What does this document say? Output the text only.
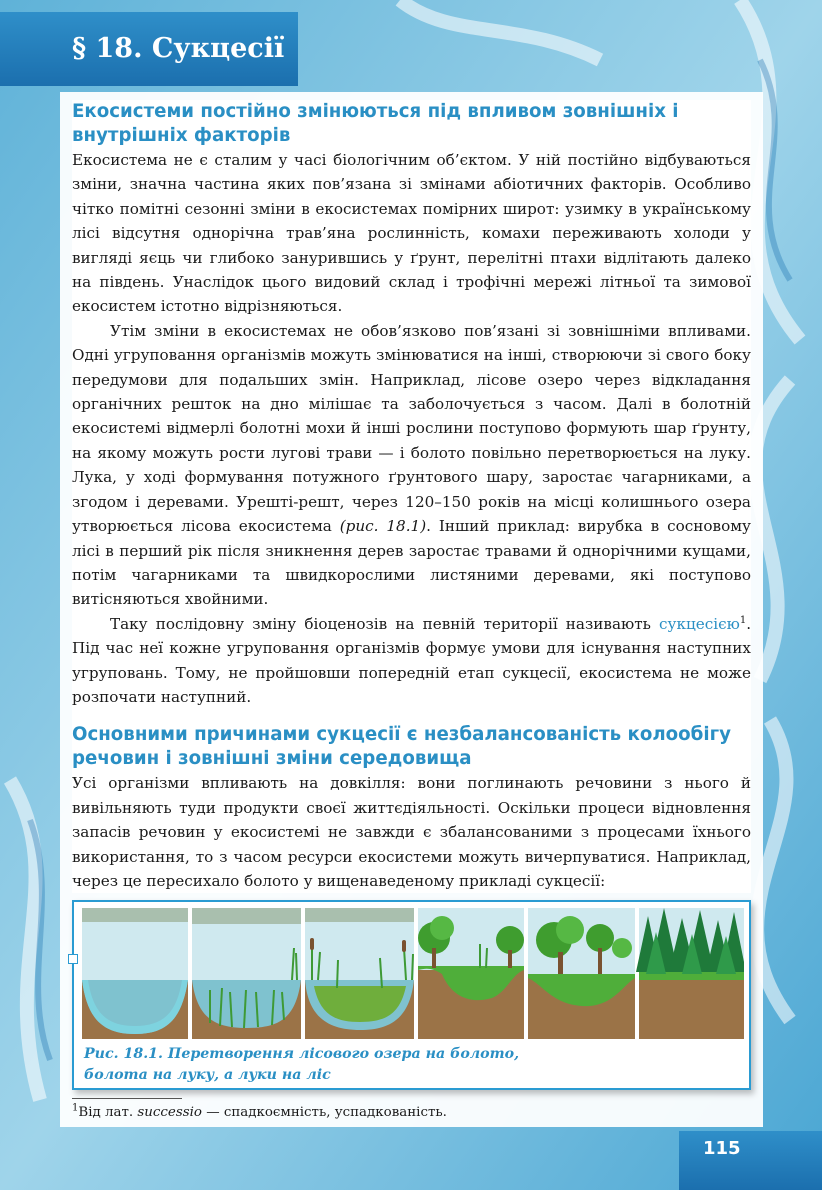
§ 18. Сукцесії
Екосистеми постійно змінюються під впливом зовнішніх і внутрішніх факторів

Екосистема не є сталим у часі біологічним об’єктом. У ній постійно відбуваються зміни, значна частина яких пов’язана зі змінами абіотичних факторів. Особливо чітко помітні сезонні зміни в екосистемах помірних широт: узимку в українському лісі відсутня однорічна трав’яна рослинність, комахи переживають холоди у вигляді яєць чи глибоко занурившись у ґрунт, перелітні птахи відлітають далеко на південь. Унаслідок цього видовий склад і трофічні мережі літньої та зимової екосистем істотно відрізняються.

Утім зміни в екосистемах не обов’язково пов’язані зі зовнішніми впливами. Одні угруповання організмів можуть змінюватися на інші, створюючи зі свого боку передумови для подальших змін. Наприклад, лісове озеро через відкладання органічних решток на дно мілішає та заболочується з часом. Далі в болотній екосистемі відмерлі болотні мохи й інші рослини поступово формують шар ґрунту, на якому можуть рости лугові трави — і болото повільно перетворюється на луку. Лука, у ході формування потужного ґрунтового шару, заростає чагарниками, а згодом і деревами. Урешті-решт, через 120–150 років на місці колишнього озера утворюється лісова екосистема (рис. 18.1). Інший приклад: вирубка в сосновому лісі в перший рік після зникнення дерев заростає травами й однорічними кущами, потім чагарниками та швидкорослими листяними деревами, які поступово витісняються хвойними.

Таку послідовну зміну біоценозів на певній території називають сукцесією$^1$. Під час неї кожне угруповання організмів формує умови для існування наступних угруповань. Тому, не пройшовши попередній етап сукцесії, екосистема не може розпочати наступний.

Основними причинами сукцесії є незбалансованість колообігу речовин і зовнішні зміни середовища

Усі організми впливають на довкілля: вони поглинають речовини з нього й вивільняють туди продукти своєї життєдіяльності. Оскільки процеси відновлення запасів речовин у екосистемі не завжди є збалансованими з процесами їхнього використання, то з часом ресурси екосистеми можуть вичерпуватися. Наприклад, через це пересихало болото у вищенаведеному прикладі сукцесії:

Рис. 18.1. Перетворення лісового озера на болото,
болота на луку, а луки на ліс
$^1$Від лат. successio — спадкоємність, успадкованість.
115
